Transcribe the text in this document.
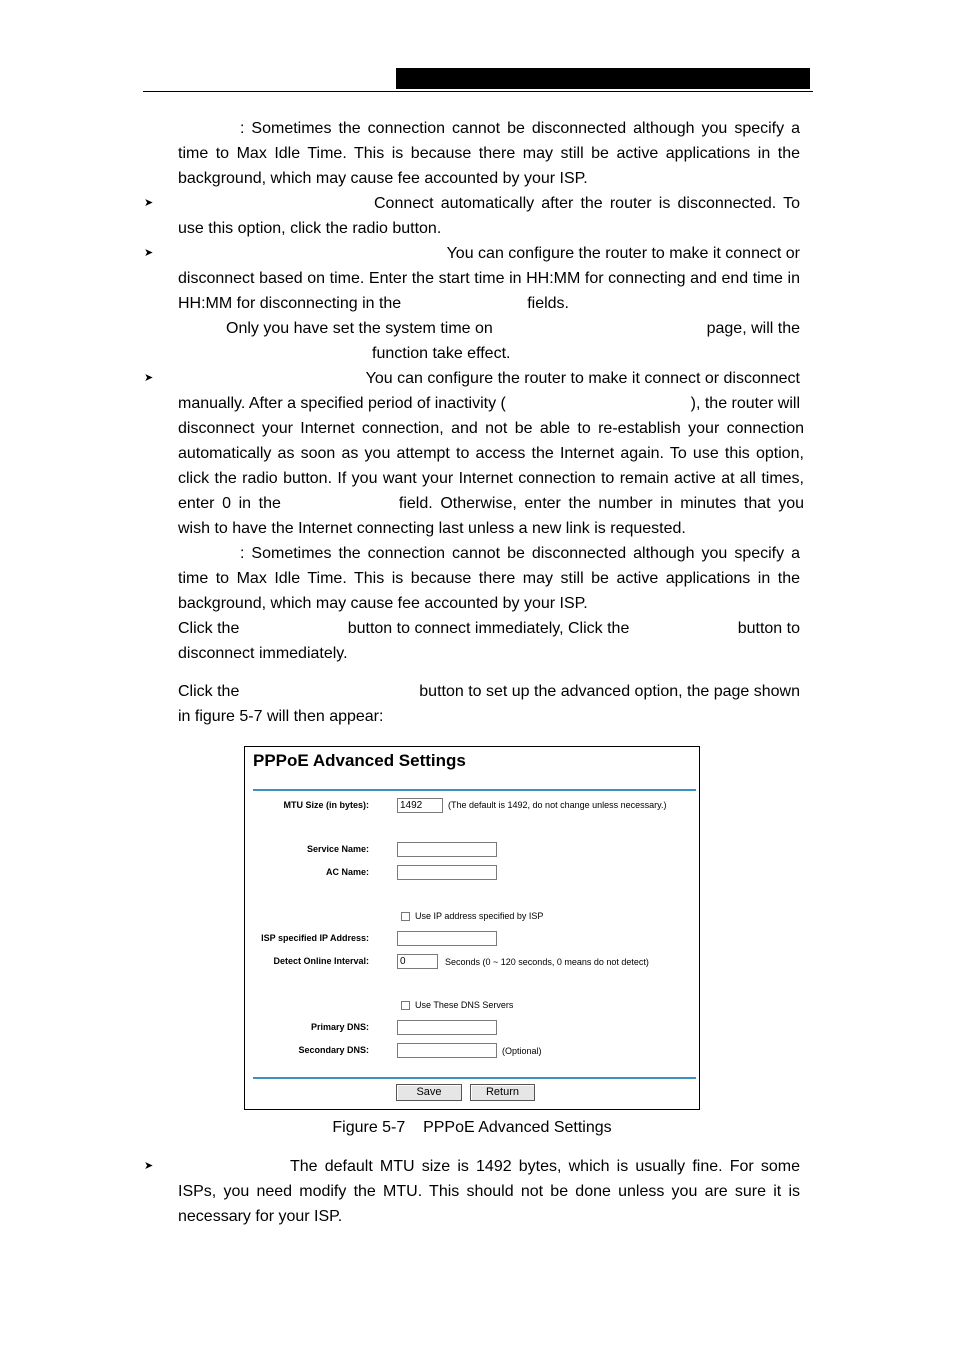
: Sometimes the connection cannot be disconnected although you specify a time to Max Idle Time. This is because there may still be active applications in the background, which may cause fee accounted by your ISP.
➤	Connect automatically after the router is disconnected. To use this option, click the radio button.
➤	You can configure the router to make it connect or
disconnect based on time. Enter the start time in HH:MM for connecting and end time in HH:MM for disconnecting in the	fields.
Only you have set the system time on	page, will the
function take effect.
➤	You can configure the router to make it connect or disconnect
manually. After a specified period of inactivity (	), the router will
disconnect your Internet connection, and not be able to re-establish your connection automatically as soon as you attempt to access the Internet again. To use this option, click the radio button. If you want your Internet connection to remain active at all times, enter 0 in the	field. Otherwise, enter the number in minutes that you wish to have the Internet connecting last unless a new link is requested.
: Sometimes the connection cannot be disconnected although you specify a time to Max Idle Time. This is because there may still be active applications in the background, which may cause fee accounted by your ISP.
Click the	button to connect immediately, Click the	button to
disconnect immediately.
Click the	button to set up the advanced option, the page shown
in figure 5-7 will then appear:
PPPoE Advanced Settings
MTU Size (in bytes):	1492	(The default is 1492, do not change unless necessary.)
Service Name:
AC Name:
Use IP address specified by ISP
ISP specified IP Address:
Detect Online Interval:	0	Seconds (0 ~ 120 seconds, 0 means do not detect)
Use These DNS Servers
Primary DNS:
Secondary DNS:	(Optional)
Save	Return
Figure 5-7    PPPoE Advanced Settings
➤	The default MTU size is 1492 bytes, which is usually fine. For some ISPs, you need modify the MTU. This should not be done unless you are sure it is necessary for your ISP.
